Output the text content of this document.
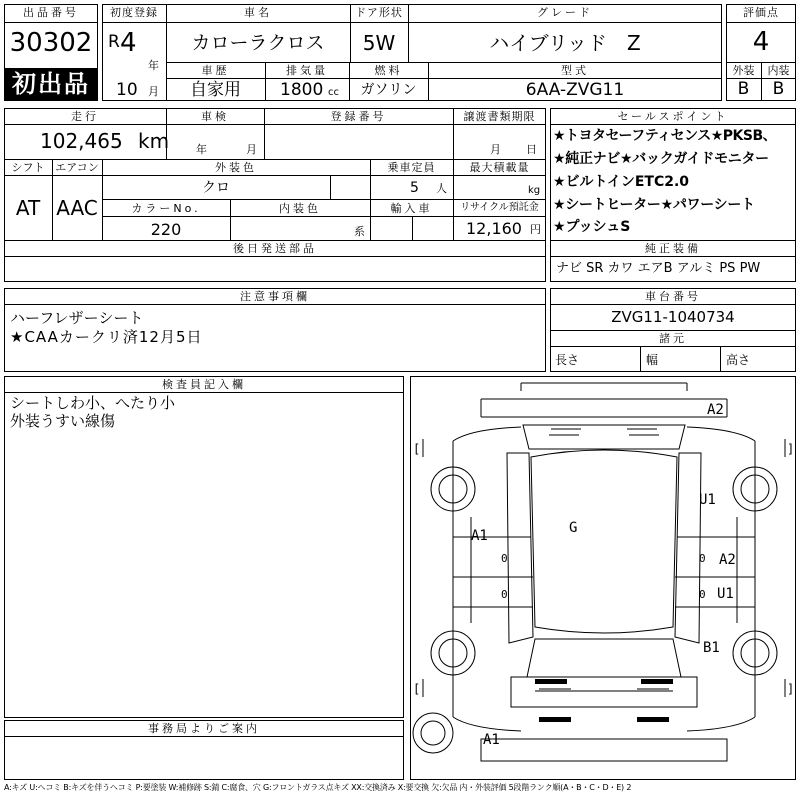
出品番号
30302
初出品
初度登録
R 4
年
10 月
車名
カローラクロス
ドア形状
5W
グレード
ハイブリッド　Z
車歴
自家用
排気量
1800 cc
燃料
ガソリン
型式
6AA-ZVG11
評価点
4
外装	内装
B	B
走行
102,465 km
車検
年	月
登録番号	譲渡書類期限
月 日
シフト
AT
エアコン
AAC
外装色
クロ
乗車定員
5 人
最大積載量
kg
カラーNo.
220
内装色
系
輸入車	リサイクル預託金
12,160 円
後日発送部品
セールスポイント
★トヨタセーフティセンス★PKSB、
★純正ナビ★バックガイドモニター
★ビルトインETC2.0
★シートヒーター★パワーシート
★プッシュS
純正装備
ナビ SR カワ エアB アルミ PS PW
注意事項欄
ハーフレザーシート
★CAAカークリ済12月5日
車台番号
ZVG11-1040734
諸元
長さ	幅	高さ
検査員記入欄
シートしわ小、へたり小
外装うすい線傷
事務局よりご案内
A2
U1
G
A1
A2
U1
B1
A1
0	0
0	0
[	]
[	]
A:キズ U:ヘコミ B:キズを伴うヘコミ P:要塗装 W:補修跡 S:錆 C:腐食、穴 G:フロントガラス点キズ XX:交換済み X:要交換 欠:欠品 内・外装評価 5段階ランク順(A・B・C・D・E) 2
